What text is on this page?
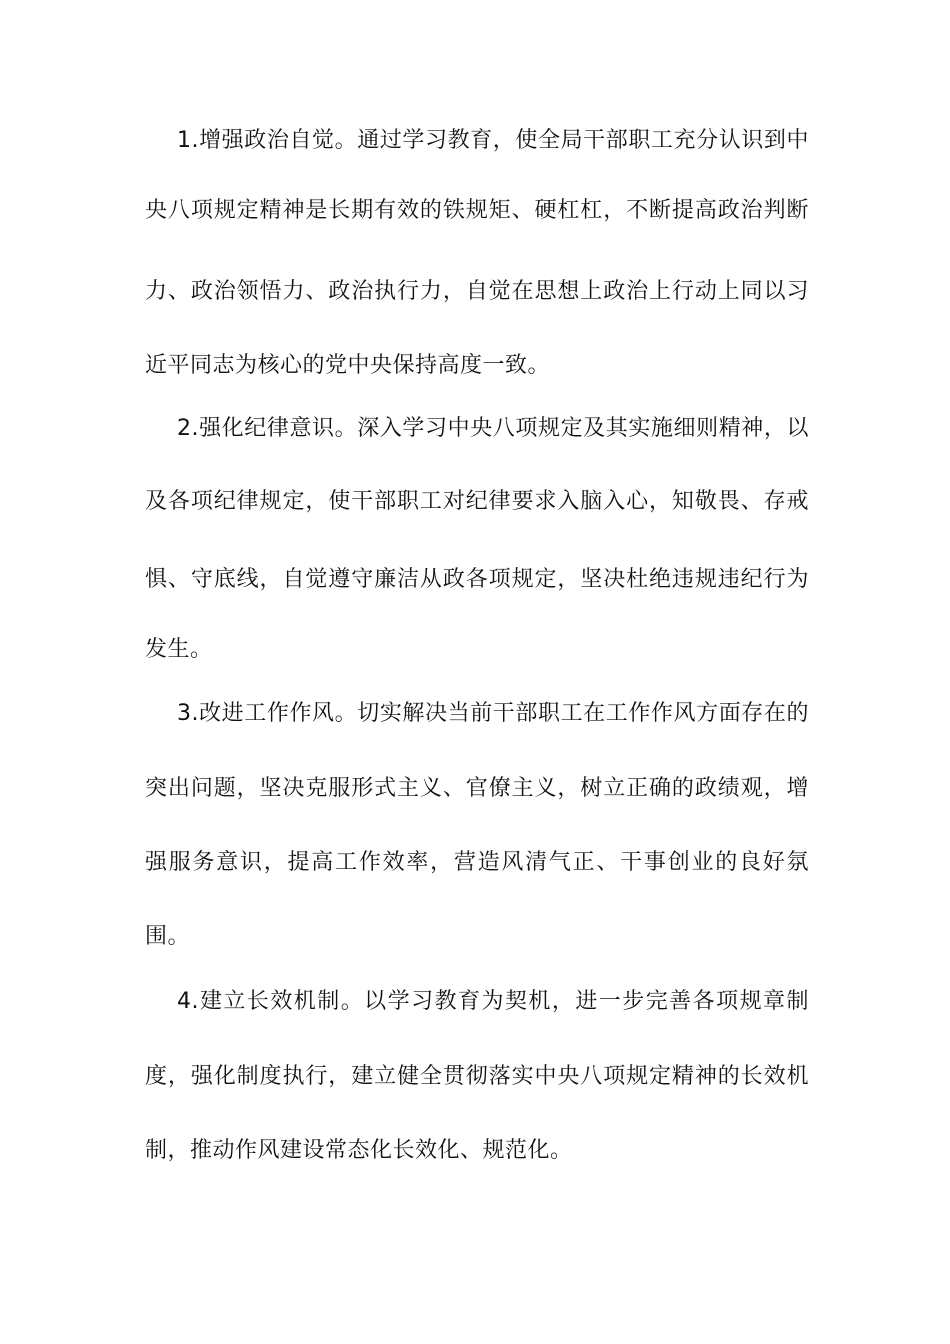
1.增强政治自觉。通过学习教育，使全局干部职工充分认识到中
央八项规定精神是长期有效的铁规矩、硬杠杠，不断提高政治判断
力、政治领悟力、政治执行力，自觉在思想上政治上行动上同以习
近平同志为核心的党中央保持高度一致。
2.强化纪律意识。深入学习中央八项规定及其实施细则精神，以
及各项纪律规定，使干部职工对纪律要求入脑入心，知敬畏、存戒
惧、守底线，自觉遵守廉洁从政各项规定，坚决杜绝违规违纪行为
发生。
3.改进工作作风。切实解决当前干部职工在工作作风方面存在的
突出问题，坚决克服形式主义、官僚主义，树立正确的政绩观，增
强服务意识，提高工作效率，营造风清气正、干事创业的良好氛
围。
4.建立长效机制。以学习教育为契机，进一步完善各项规章制
度，强化制度执行，建立健全贯彻落实中央八项规定精神的长效机
制，推动作风建设常态化长效化、规范化。
